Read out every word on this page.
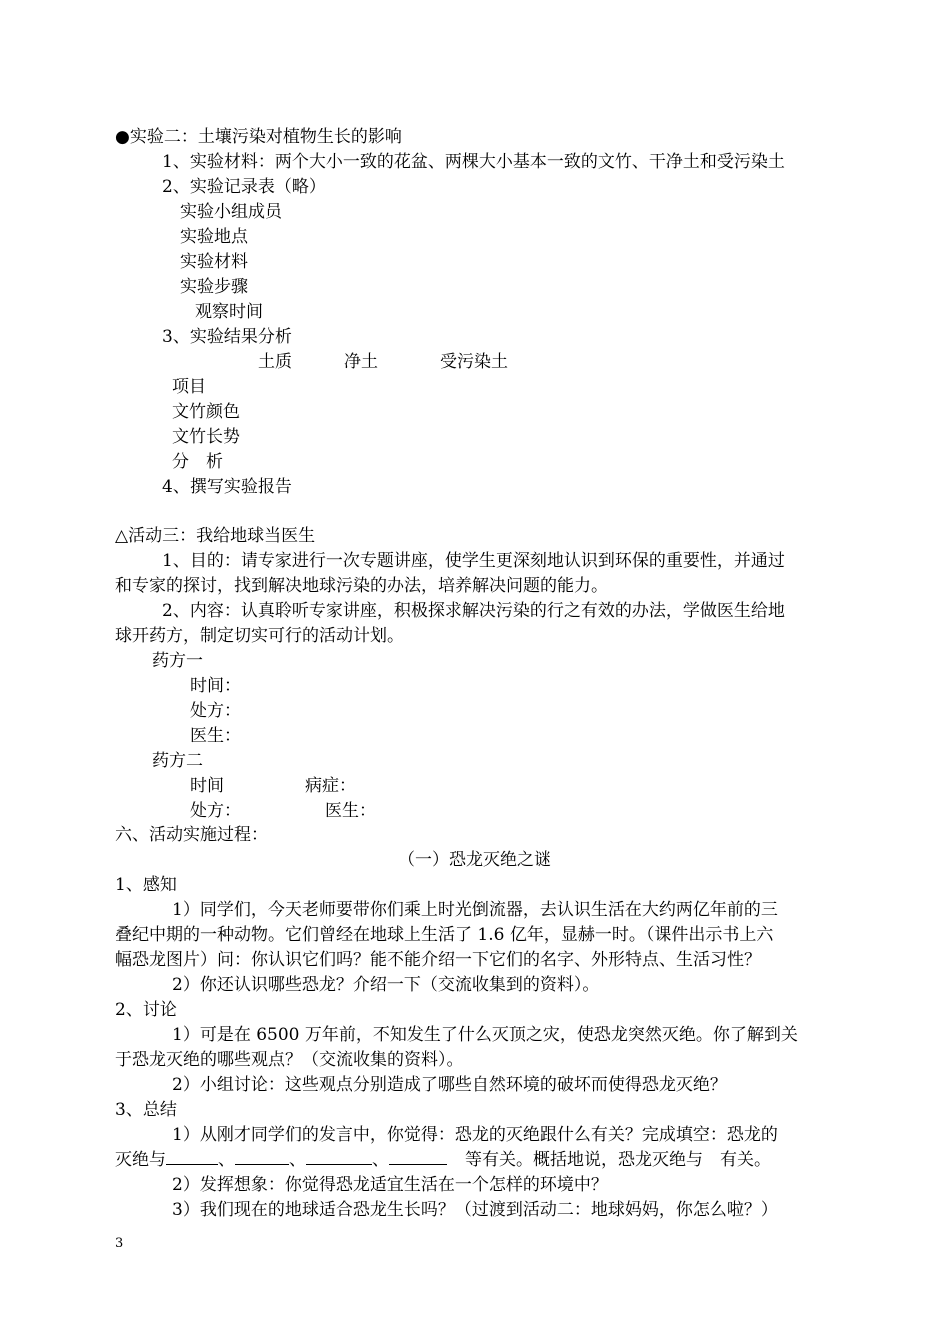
●实验二：土壤污染对植物生长的影响
1、实验材料：两个大小一致的花盆、两棵大小基本一致的文竹、干净土和受污染土
2、实验记录表（略）
实验小组成员
实验地点
实验材料
实验步骤
观察时间
3、实验结果分析
土质	净土	受污染土
项目
文竹颜色
文竹长势
分　析
4、撰写实验报告
△活动三：我给地球当医生
1、目的：请专家进行一次专题讲座，使学生更深刻地认识到环保的重要性，并通过
和专家的探讨，找到解决地球污染的办法，培养解决问题的能力。
2、内容：认真聆听专家讲座，积极探求解决污染的行之有效的办法，学做医生给地
球开药方，制定切实可行的活动计划。
药方一
时间：
处方：
医生：
药方二
时间	病症：
处方：	医生：
六、活动实施过程：
（一）恐龙灭绝之谜
1、感知
1）同学们，今天老师要带你们乘上时光倒流器，去认识生活在大约两亿年前的三
叠纪中期的一种动物。它们曾经在地球上生活了 1.6 亿年，显赫一时。（课件出示书上六
幅恐龙图片）问：你认识它们吗？能不能介绍一下它们的名字、外形特点、生活习性？
2）你还认识哪些恐龙？介绍一下（交流收集到的资料）。
2、讨论
1）可是在 6500 万年前，不知发生了什么灭顶之灾，使恐龙突然灭绝。你了解到关
于恐龙灭绝的哪些观点？（交流收集的资料）。
2）小组讨论：这些观点分别造成了哪些自然环境的破坏而使得恐龙灭绝？
3、总结
1）从刚才同学们的发言中，你觉得：恐龙的灭绝跟什么有关？完成填空：恐龙的
灭绝与	、	、	、	等有关。概括地说，恐龙灭绝与　有关。
2）发挥想象：你觉得恐龙适宜生活在一个怎样的环境中？
3）我们现在的地球适合恐龙生长吗？（过渡到活动二：地球妈妈，你怎么啦？）
3
